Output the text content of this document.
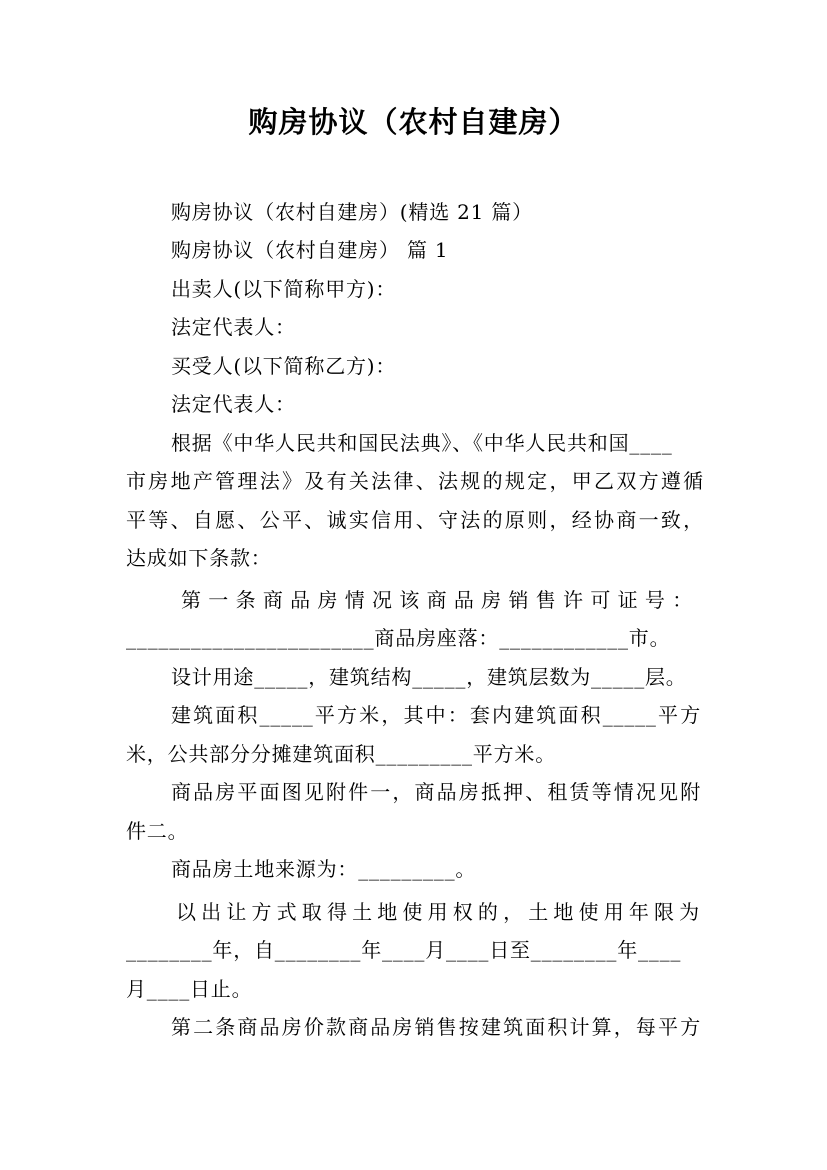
购房协议（农村自建房）
购房协议（农村自建房）(精选 21 篇）
购房协议（农村自建房） 篇 1
出卖人(以下简称甲方)：
法定代表人：
买受人(以下简称乙方)：
法定代表人：
根据《中华人民共和国民法典》、《中华人民共和国____
市房地产管理法》及有关法律、法规的规定，甲乙双方遵循
平等、自愿、公平、诚实信用、守法的原则，经协商一致，
达成如下条款：
第一条商品房情况该商品房销售许可证号：
_______________________商品房座落：____________市。
设计用途_____，建筑结构_____，建筑层数为_____层。
建筑面积_____平方米，其中：套内建筑面积_____平方
米，公共部分分摊建筑面积_________平方米。
商品房平面图见附件一，商品房抵押、租赁等情况见附
件二。
商品房土地来源为：_________。
以出让方式取得土地使用权的，土地使用年限为
________年，自________年____月____日至________年____
月____日止。
第二条商品房价款商品房销售按建筑面积计算，每平方
